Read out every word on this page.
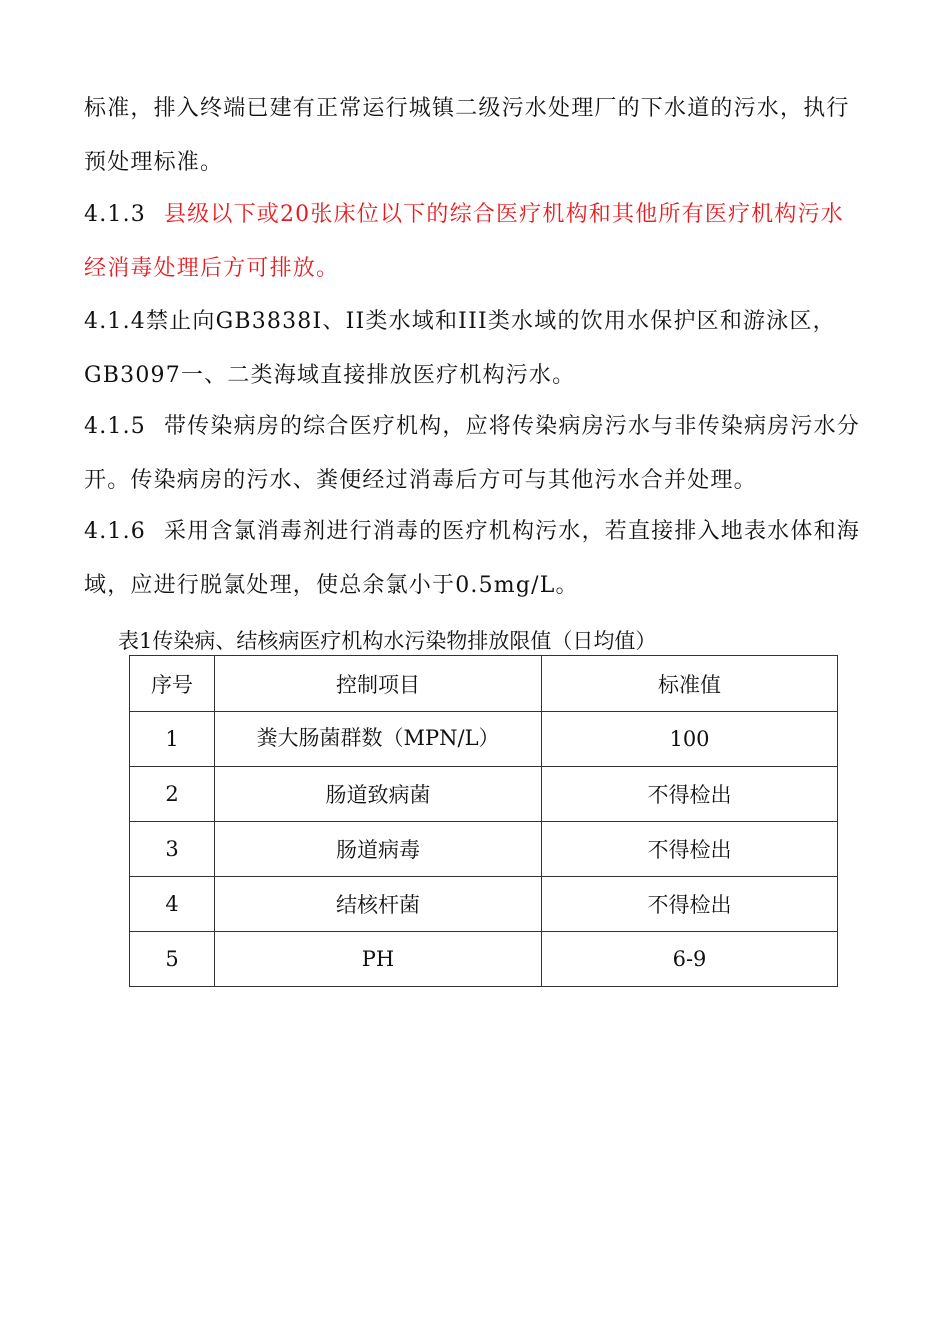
标准，排入终端已建有正常运行城镇二级污水处理厂的下水道的污水，执行

预处理标准。

4.1.3 县级以下或20张床位以下的综合医疗机构和其他所有医疗机构污水

经消毒处理后方可排放。

4.1.4禁止向GB3838I、II类水域和III类水域的饮用水保护区和游泳区，

GB3097一、二类海域直接排放医疗机构污水。

4.1.5 带传染病房的综合医疗机构，应将传染病房污水与非传染病房污水分

开。传染病房的污水、粪便经过消毒后方可与其他污水合并处理。

4.1.6 采用含氯消毒剂进行消毒的医疗机构污水，若直接排入地表水体和海

域，应进行脱氯处理，使总余氯小于0.5mg/L。

表1传染病、结核病医疗机构水污染物排放限值（日均值）
序号	控制项目	标准值
1	粪大肠菌群数（MPN/L）	100
2	肠道致病菌	不得检出
3	肠道病毒	不得检出
4	结核杆菌	不得检出
5	PH	6-9
